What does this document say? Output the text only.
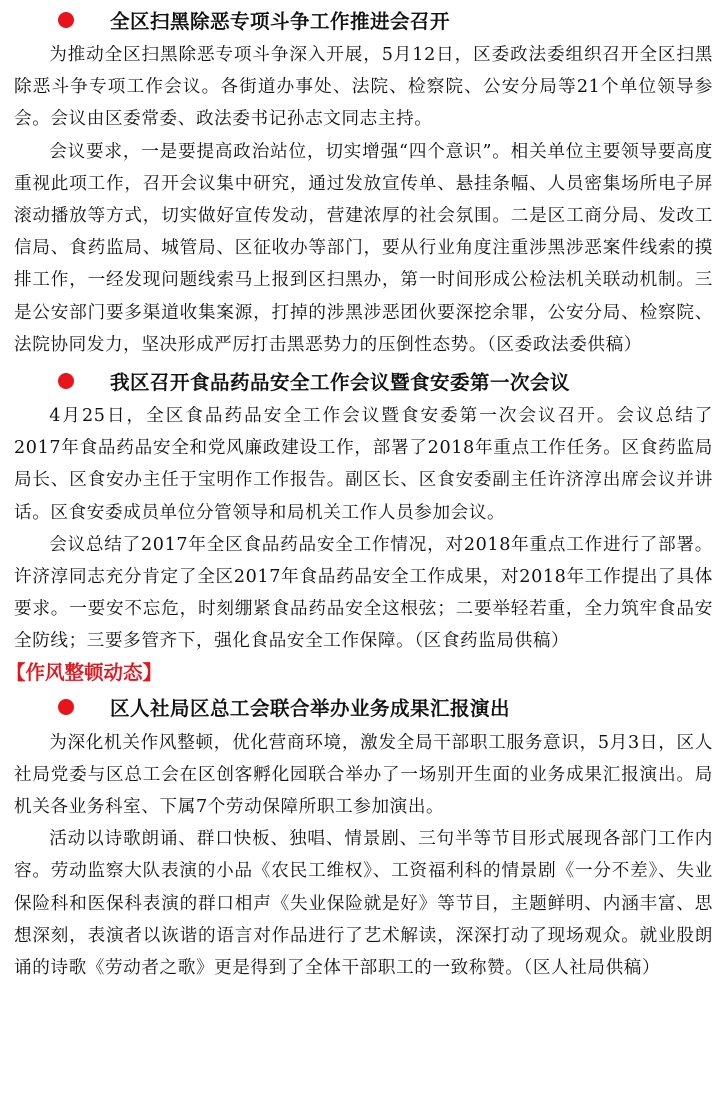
全区扫黑除恶专项斗争工作推进会召开

为推动全区扫黑除恶专项斗争深入开展，5月12日，区委政法委组织召开全区扫黑除恶斗争专项工作会议。各街道办事处、法院、检察院、公安分局等21个单位领导参会。会议由区委常委、政法委书记孙志文同志主持。

会议要求，一是要提高政治站位，切实增强“四个意识”。相关单位主要领导要高度重视此项工作，召开会议集中研究，通过发放宣传单、悬挂条幅、人员密集场所电子屏滚动播放等方式，切实做好宣传发动，营建浓厚的社会氛围。二是区工商分局、发改工信局、食药监局、城管局、区征收办等部门，要从行业角度注重涉黑涉恶案件线索的摸排工作，一经发现问题线索马上报到区扫黑办，第一时间形成公检法机关联动机制。三是公安部门要多渠道收集案源，打掉的涉黑涉恶团伙要深挖余罪，公安分局、检察院、法院协同发力，坚决形成严厉打击黑恶势力的压倒性态势。（区委政法委供稿）

我区召开食品药品安全工作会议暨食安委第一次会议

4月25日，全区食品药品安全工作会议暨食安委第一次会议召开。会议总结了2017年食品药品安全和党风廉政建设工作，部署了2018年重点工作任务。区食药监局局长、区食安办主任于宝明作工作报告。副区长、区食安委副主任许济淳出席会议并讲话。区食安委成员单位分管领导和局机关工作人员参加会议。

会议总结了2017年全区食品药品安全工作情况，对2018年重点工作进行了部署。许济淳同志充分肯定了全区2017年食品药品安全工作成果，对2018年工作提出了具体要求。一要安不忘危，时刻绷紧食品药品安全这根弦；二要举轻若重，全力筑牢食品安全防线；三要多管齐下，强化食品安全工作保障。（区食药监局供稿）

【作风整顿动态】
区人社局区总工会联合举办业务成果汇报演出

为深化机关作风整顿，优化营商环境，激发全局干部职工服务意识，5月3日，区人社局党委与区总工会在区创客孵化园联合举办了一场别开生面的业务成果汇报演出。局机关各业务科室、下属7个劳动保障所职工参加演出。

活动以诗歌朗诵、群口快板、独唱、情景剧、三句半等节目形式展现各部门工作内容。劳动监察大队表演的小品《农民工维权》、工资福利科的情景剧《一分不差》、失业保险科和医保科表演的群口相声《失业保险就是好》等节目，主题鲜明、内涵丰富、思想深刻，表演者以诙谐的语言对作品进行了艺术解读，深深打动了现场观众。就业股朗诵的诗歌《劳动者之歌》更是得到了全体干部职工的一致称赞。（区人社局供稿）
